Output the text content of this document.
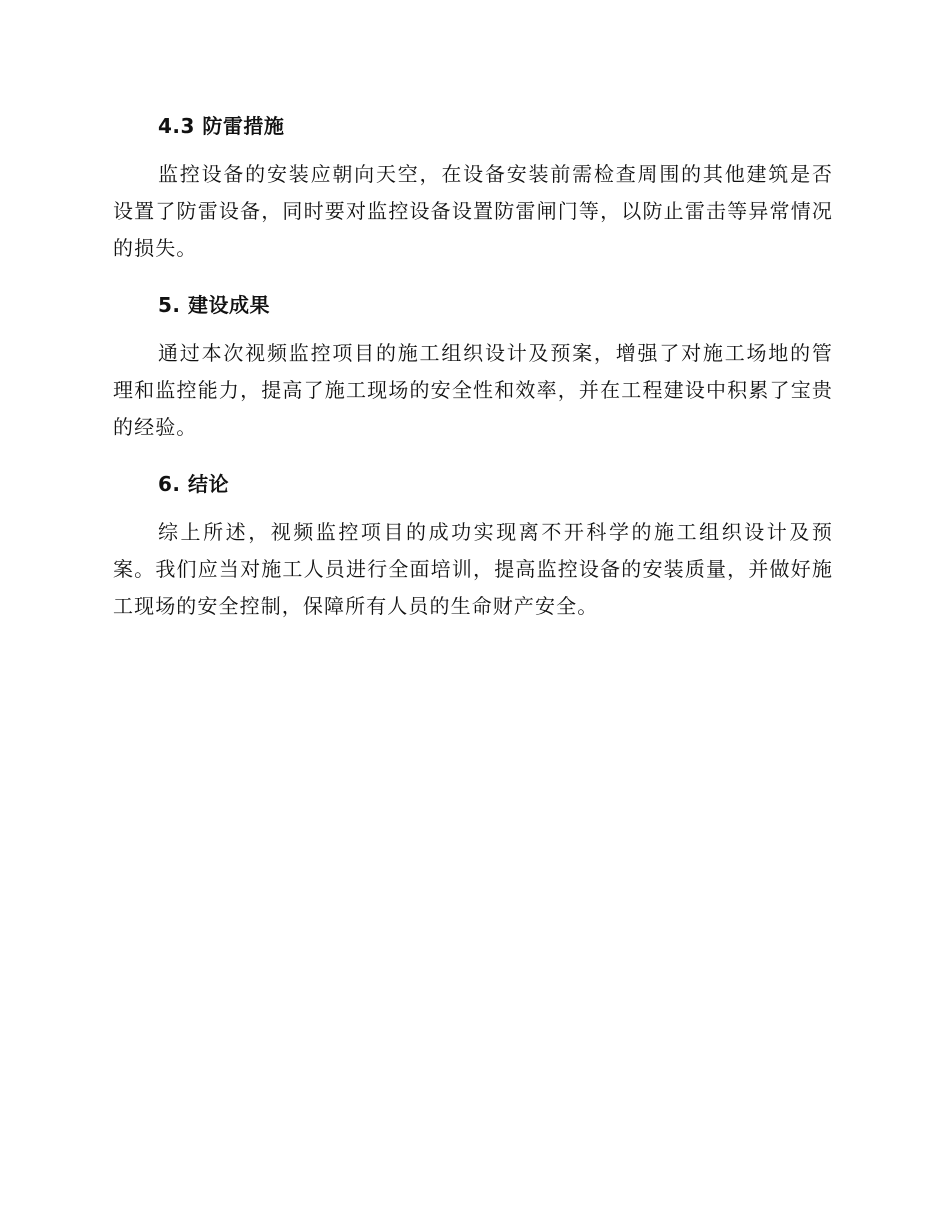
4.3 防雷措施

监控设备的安装应朝向天空，在设备安装前需检查周围的其他建筑是否设置了防雷设备，同时要对监控设备设置防雷闸门等，以防止雷击等异常情况的损失。

5. 建设成果

通过本次视频监控项目的施工组织设计及预案，增强了对施工场地的管理和监控能力，提高了施工现场的安全性和效率，并在工程建设中积累了宝贵的经验。

6. 结论

综上所述，视频监控项目的成功实现离不开科学的施工组织设计及预案。我们应当对施工人员进行全面培训，提高监控设备的安装质量，并做好施工现场的安全控制，保障所有人员的生命财产安全。
